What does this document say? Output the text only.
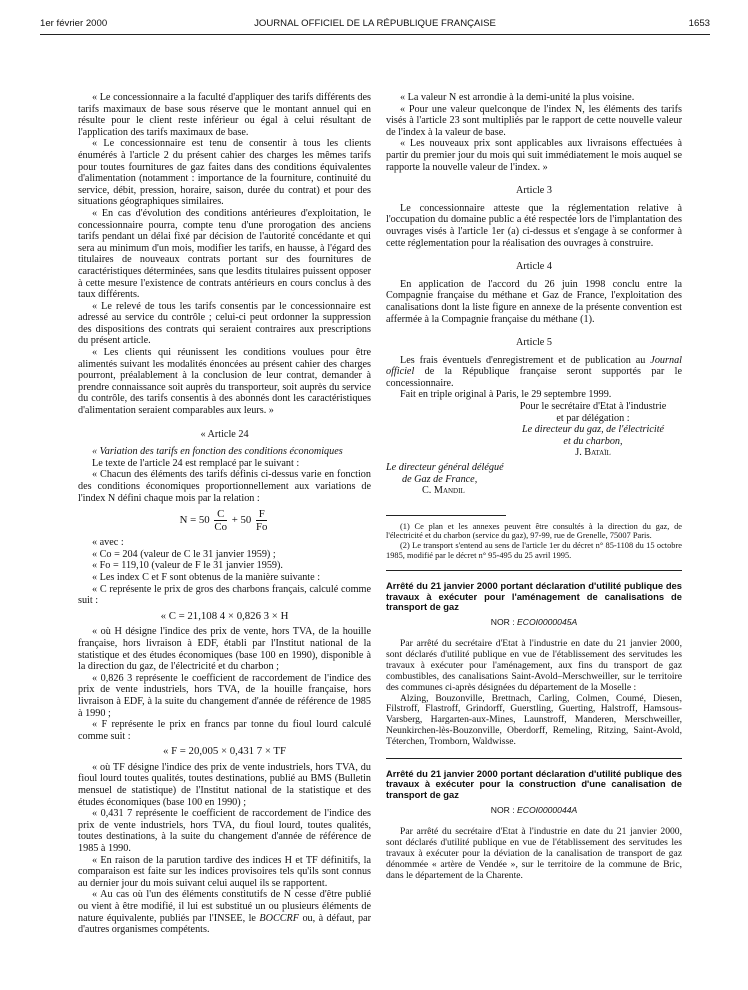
1er février 2000	JOURNAL OFFICIEL DE LA RÉPUBLIQUE FRANÇAISE	1653

« Le concessionnaire a la faculté d'appliquer des tarifs différents des tarifs maximaux de base sous réserve que le montant annuel qui en résulte pour le client reste inférieur ou égal à celui résultant de l'application des tarifs maximaux de base.

« Le concessionnaire est tenu de consentir à tous les clients énumérés à l'article 2 du présent cahier des charges les mêmes tarifs pour toutes fournitures de gaz faites dans des conditions équivalentes d'alimentation (notamment : importance de la fourniture, continuité du service, débit, pression, horaire, saison, durée du contrat) et pour des situations géographiques similaires.

« En cas d'évolution des conditions antérieures d'exploitation, le concessionnaire pourra, compte tenu d'une prorogation des anciens tarifs pendant un délai fixé par décision de l'autorité concédante et qui sera au minimum d'un mois, modifier les tarifs, en hausse, à l'égard des titulaires de nouveaux contrats portant sur des fournitures de caractéristiques déterminées, sans que lesdits titulaires puissent opposer à cette mesure l'existence de contrats antérieurs en cours conclus à des taux différents.

« Le relevé de tous les tarifs consentis par le concessionnaire est adressé au service du contrôle ; celui-ci peut ordonner la suppression des dispositions des contrats qui seraient contraires aux prescriptions du présent article.

« Les clients qui réunissent les conditions voulues pour être alimentés suivant les modalités énoncées au présent cahier des charges pourront, préalablement à la conclusion de leur contrat, demander à prendre connaissance soit auprès du transporteur, soit auprès du service du contrôle, des tarifs consentis à des abonnés dont les caractéristiques d'alimentation seraient comparables aux leurs. »

« Article 24

« Variation des tarifs en fonction des conditions économiques

Le texte de l'article 24 est remplacé par le suivant :

« Chacun des éléments des tarifs définis ci-dessus varie en fonction des conditions économiques proportionnellement aux variations de l'index N défini chaque mois par la relation :

$N = 50 \frac{C}{Co} + 50 \frac{F}{Fo}$

« avec :

« Co = 204 (valeur de C le 31 janvier 1959) ;

« Fo = 119,10 (valeur de F le 31 janvier 1959).

« Les index C et F sont obtenus de la manière suivante :

« C représente le prix de gros des charbons français, calculé comme suit :

« C = 21,108 4 × 0,826 3 × H

« où H désigne l'indice des prix de vente, hors TVA, de la houille française, hors livraison à EDF, établi par l'Institut national de la statistique et des études économiques (base 100 en 1990), disponible à la direction du gaz, de l'électricité et du charbon ;

« 0,826 3 représente le coefficient de raccordement de l'indice des prix de vente industriels, hors TVA, de la houille française, hors livraison à EDF, à la suite du changement d'année de référence de 1985 à 1990 ;

« F représente le prix en francs par tonne du fioul lourd calculé comme suit :

« F = 20,005 × 0,431 7 × TF

« où TF désigne l'indice des prix de vente industriels, hors TVA, du fioul lourd toutes qualités, toutes destinations, publié au BMS (Bulletin mensuel de statistique) de l'Institut national de la statistique et des études économiques (base 100 en 1990) ;

« 0,431 7 représente le coefficient de raccordement de l'indice des prix de vente industriels, hors TVA, du fioul lourd, toutes qualités, toutes destinations, à la suite du changement d'année de référence de 1985 à 1990.

« En raison de la parution tardive des indices H et TF définitifs, la comparaison est faite sur les indices provisoires tels qu'ils sont connus au dernier jour du mois suivant celui auquel ils se rapportent.

« Au cas où l'un des éléments constitutifs de N cesse d'être publié ou vient à être modifié, il lui est substitué un ou plusieurs éléments de nature équivalente, publiés par l'INSEE, le BOCCRF ou, à défaut, par d'autres organismes compétents.

« La valeur N est arrondie à la demi-unité la plus voisine.

« Pour une valeur quelconque de l'index N, les éléments des tarifs visés à l'article 23 sont multipliés par le rapport de cette nouvelle valeur de l'index à la valeur de base.

« Les nouveaux prix sont applicables aux livraisons effectuées à partir du premier jour du mois qui suit immédiatement le mois auquel se rapporte la nouvelle valeur de l'index. »

Article 3

Le concessionnaire atteste que la réglementation relative à l'occupation du domaine public a été respectée lors de l'implantation des ouvrages visés à l'article 1er (a) ci-dessus et s'engage à se conformer à cette réglementation pour la réalisation des ouvrages à construire.

Article 4

En application de l'accord du 26 juin 1998 conclu entre la Compagnie française du méthane et Gaz de France, l'exploitation des canalisations dont la liste figure en annexe de la présente convention est affermée à la Compagnie française du méthane (1).

Article 5

Les frais éventuels d'enregistrement et de publication au Journal officiel de la République française seront supportés par le concessionnaire.

Fait en triple original à Paris, le 29 septembre 1999.

Pour le secrétaire d'Etat à l'industrie

et par délégation :

Le directeur du gaz, de l'électricité

et du charbon,

J. Bataïl

Le directeur général délégué

de Gaz de France,

C. Mandil

(1) Ce plan et les annexes peuvent être consultés à la direction du gaz, de l'électricité et du charbon (service du gaz), 97-99, rue de Grenelle, 75007 Paris.

(2) Le transport s'entend au sens de l'article 1er du décret n° 85-1108 du 15 octobre 1985, modifié par le décret n° 95-495 du 25 avril 1995.

Arrêté du 21 janvier 2000 portant déclaration d'utilité publique des travaux à exécuter pour l'aménagement de canalisations de transport de gaz

NOR : ECOI0000045A

Par arrêté du secrétaire d'Etat à l'industrie en date du 21 janvier 2000, sont déclarés d'utilité publique en vue de l'établissement des servitudes les travaux à exécuter pour l'aménagement, aux fins du transport de gaz combustibles, des canalisations Saint-Avold–Merschweiller, sur le territoire des communes ci-après désignées du département de la Moselle :

Alzing, Bouzonville, Brettnach, Carling, Colmen, Coumé, Diesen, Filstroff, Flastroff, Grindorff, Guerstling, Guerting, Halstroff, Hamsous-Varsberg, Hargarten-aux-Mines, Launstroff, Manderen, Merschweiller, Neunkirchen-lès-Bouzonville, Oberdorff, Remeling, Ritzing, Saint-Avold, Téterchen, Tromborn, Waldwisse.

Arrêté du 21 janvier 2000 portant déclaration d'utilité publique des travaux à exécuter pour la construction d'une canalisation de transport de gaz

NOR : ECOI0000044A

Par arrêté du secrétaire d'Etat à l'industrie en date du 21 janvier 2000, sont déclarés d'utilité publique en vue de l'établissement des servitudes les travaux à exécuter pour la déviation de la canalisation de transport de gaz dénommée « artère de Vendée », sur le territoire de la commune de Bric, dans le département de la Charente.
